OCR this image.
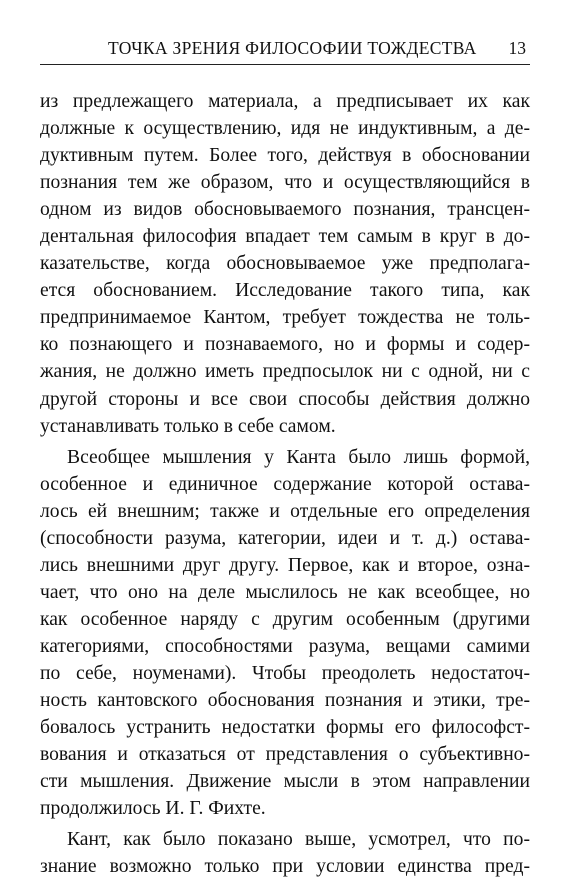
ТОЧКА ЗРЕНИЯ ФИЛОСОФИИ ТОЖДЕСТВА 13
из предлежащего материала, а предписывает их как
должные к осуществлению, идя не индуктивным, а де-
дуктивным путем. Более того, действуя в обосновании
познания тем же образом, что и осуществляющийся в
одном из видов обосновываемого познания, трансцен-
дентальная философия впадает тем самым в круг в до-
казательстве, когда обосновываемое уже предполага-
ется обоснованием. Исследование такого типа, как
предпринимаемое Кантом, требует тождества не толь-
ко познающего и познаваемого, но и формы и содер-
жания, не должно иметь предпосылок ни с одной, ни с
другой стороны и все свои способы действия должно
устанавливать только в себе самом.
Всеобщее мышления у Канта было лишь формой,
особенное и единичное содержание которой остава-
лось ей внешним; также и отдельные его определения
(способности разума, категории, идеи и т. д.) остава-
лись внешними друг другу. Первое, как и второе, озна-
чает, что оно на деле мыслилось не как всеобщее, но
как особенное наряду с другим особенным (другими
категориями, способностями разума, вещами самими
по себе, ноуменами). Чтобы преодолеть недостаточ-
ность кантовского обоснования познания и этики, тре-
бовалось устранить недостатки формы его философст-
вования и отказаться от представления о субъективно-
сти мышления. Движение мысли в этом направлении
продолжилось И. Г. Фихте.
Кант, как было показано выше, усмотрел, что по-
знание возможно только при условии единства пред-
